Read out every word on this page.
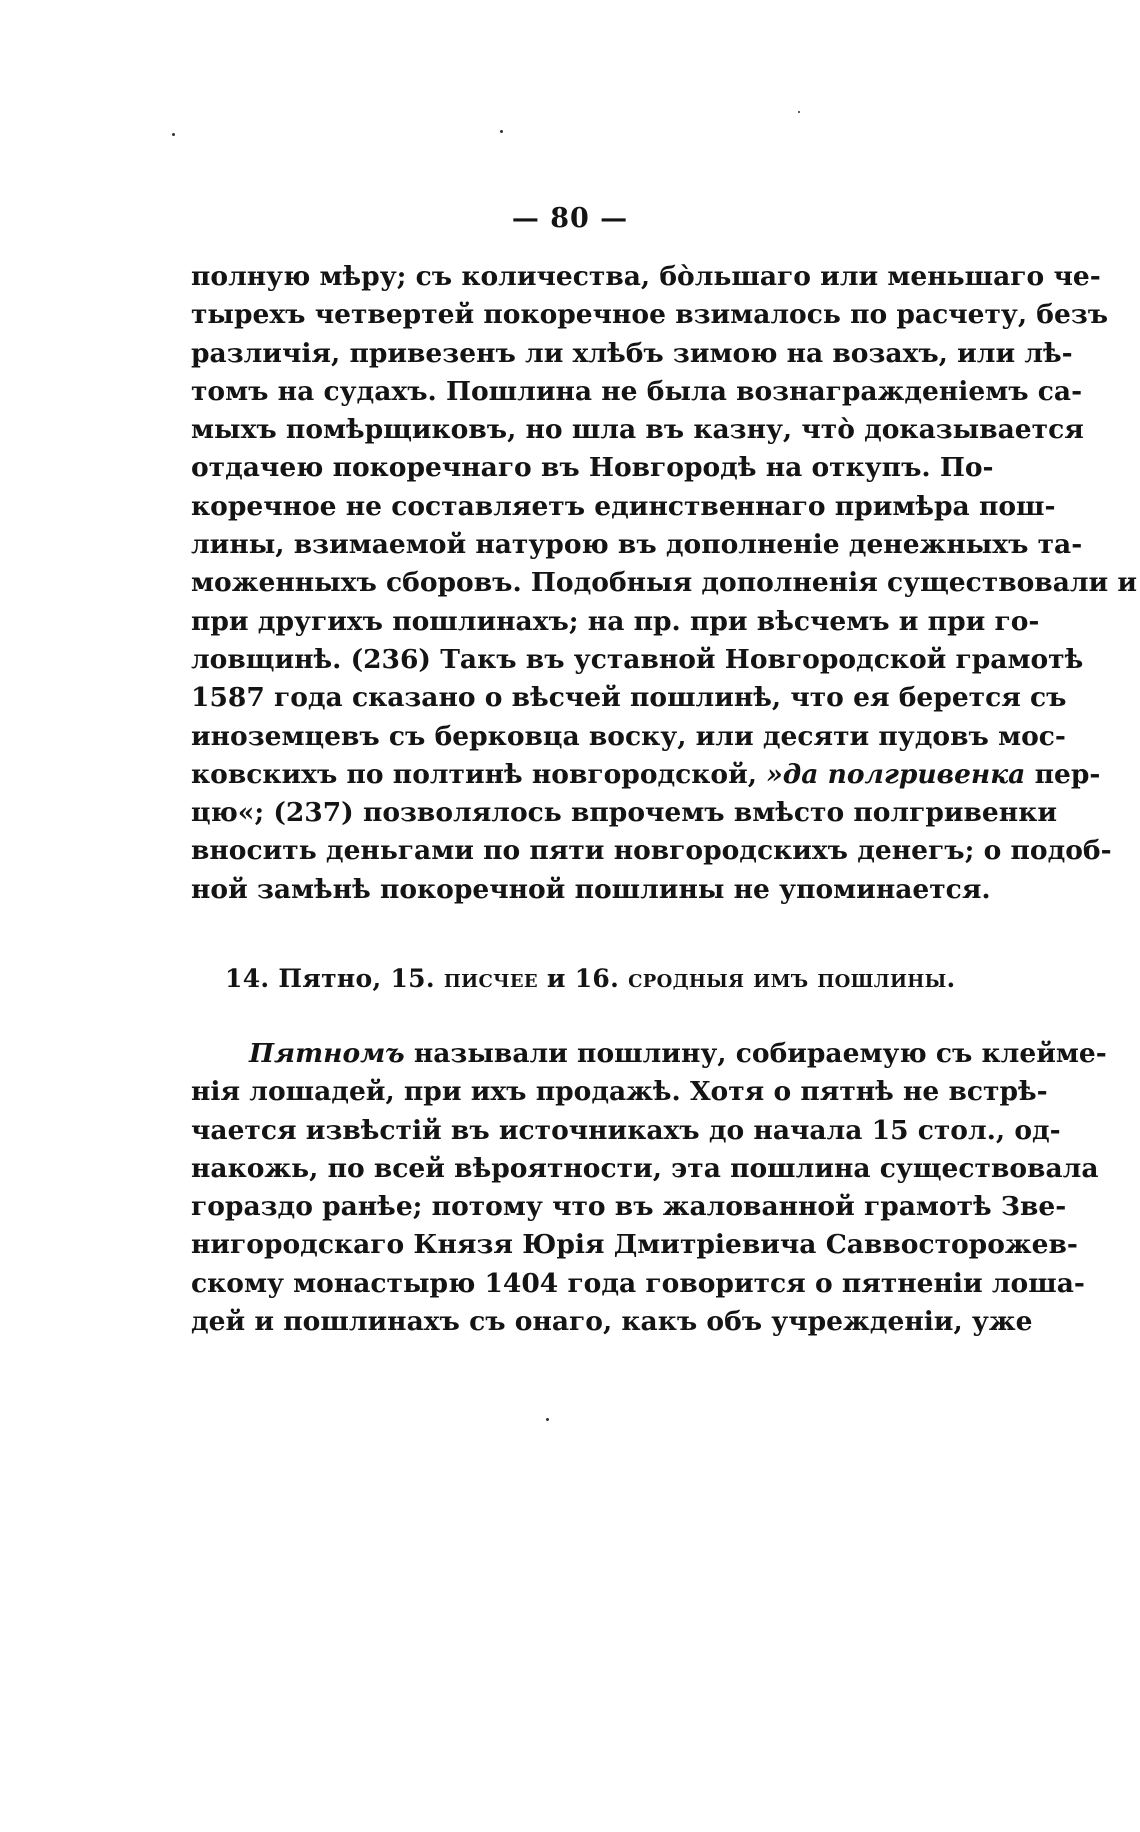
— 80 —
полную мѣру; съ количества, бо̀льшаго или меньшаго че-
тырехъ четвертей покоречное взималось по расчету, безъ
различія, привезенъ ли хлѣбъ зимою на возахъ, или лѣ-
томъ на судахъ. Пошлина не была вознагражденіемъ са-
мыхъ помѣрщиковъ, но шла въ казну, что̀ доказывается
отдачею покоречнаго въ Новгородѣ на откупъ. По-
коречное не составляетъ единственнаго примѣра пош-
лины, взимаемой натурою въ дополненіе денежныхъ та-
моженныхъ сборовъ. Подобныя дополненія существовали и
при другихъ пошлинахъ; на пр. при вѣсчемъ и при го-
ловщинѣ. (236) Такъ въ уставной Новгородской грамотѣ
1587 года сказано о вѣсчей пошлинѣ, что ея берется съ
иноземцевъ съ берковца воску, или десяти пудовъ мос-
ковскихъ по полтинѣ новгородской, »да полгривенка пер-
цю«; (237) позволялось впрочемъ вмѣсто полгривенки
вносить деньгами по пяти новгородскихъ денегъ; о подоб-
ной замѣнѣ покоречной пошлины не упоминается.
14. Пятно, 15. писчее и 16. сродныя имъ пошлины.
Пятномъ называли пошлину, собираемую съ клейме-
нія лошадей, при ихъ продажѣ. Хотя о пятнѣ не встрѣ-
чается извѣстій въ источникахъ до начала 15 стол., од-
накожь, по всей вѣроятности, эта пошлина существовала
гораздо ранѣе; потому что въ жалованной грамотѣ Зве-
нигородскаго Князя Юрія Дмитріевича Саввосторожев-
скому монастырю 1404 года говорится о пятненіи лоша-
дей и пошлинахъ съ онаго, какъ объ учрежденіи, уже
